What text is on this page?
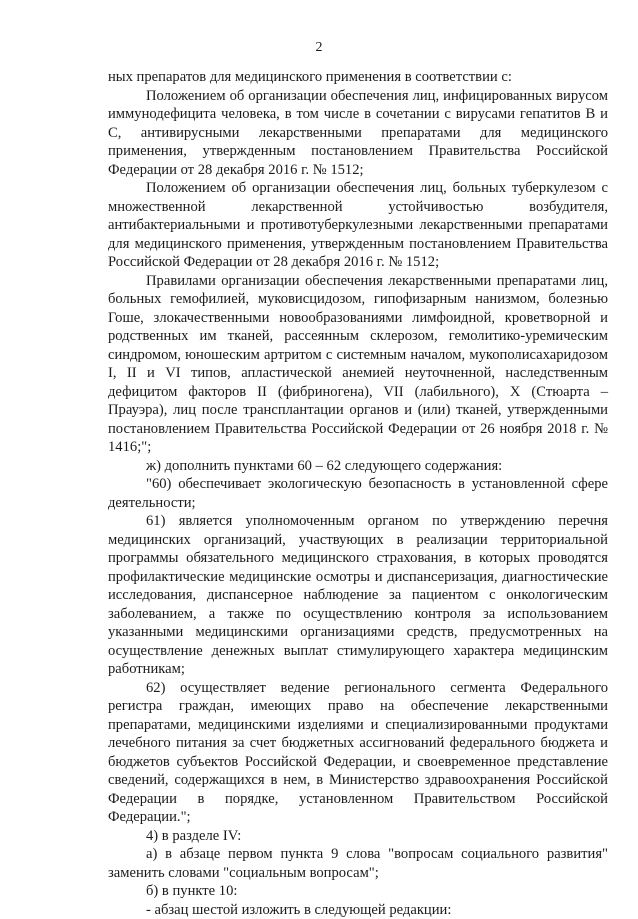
2

ных препаратов для медицинского применения в соответствии с:

Положением об организации обеспечения лиц, инфицированных вирусом иммунодефицита человека, в том числе в сочетании с вирусами гепатитов В и С, антивирусными лекарственными препаратами для медицинского применения, утвержденным постановлением Правительства Российской Федерации от 28 декабря 2016 г. № 1512;

Положением об организации обеспечения лиц, больных туберкулезом с множественной лекарственной устойчивостью возбудителя, антибактериальными и противотуберкулезными лекарственными препаратами для медицинского применения, утвержденным постановлением Правительства Российской Федерации от 28 декабря 2016 г. № 1512;

Правилами организации обеспечения лекарственными препаратами лиц, больных гемофилией, муковисцидозом, гипофизарным нанизмом, болезнью Гоше, злокачественными новообразованиями лимфоидной, кроветворной и родственных им тканей, рассеянным склерозом, гемолитико-уремическим синдромом, юношеским артритом с системным началом, мукополисахаридозом I, II и VI типов, апластической анемией неуточненной, наследственным дефицитом факторов II (фибриногена), VII (лабильного), X (Стюарта – Прауэра), лиц после трансплантации органов и (или) тканей, утвержденными постановлением Правительства Российской Федерации от 26 ноября 2018 г. № 1416;";

ж) дополнить пунктами 60 – 62 следующего содержания:

"60) обеспечивает экологическую безопасность в установленной сфере деятельности;

61) является уполномоченным органом по утверждению перечня медицинских организаций, участвующих в реализации территориальной программы обязательного медицинского страхования, в которых проводятся профилактические медицинские осмотры и диспансеризация, диагностические исследования, диспансерное наблюдение за пациентом с онкологическим заболеванием, а также по осуществлению контроля за использованием указанными медицинскими организациями средств, предусмотренных на осуществление денежных выплат стимулирующего характера медицинским работникам;

62) осуществляет ведение регионального сегмента Федерального регистра граждан, имеющих право на обеспечение лекарственными препаратами, медицинскими изделиями и специализированными продуктами лечебного питания за счет бюджетных ассигнований федерального бюджета и бюджетов субъектов Российской Федерации, и своевременное представление сведений, содержащихся в нем, в Министерство здравоохранения Российской Федерации в порядке, установленном Правительством Российской Федерации.";

4) в разделе IV:

а) в абзаце первом пункта 9 слова "вопросам социального развития" заменить словами "социальным вопросам";

б) в пункте 10:

- абзац шестой изложить в следующей редакции:
